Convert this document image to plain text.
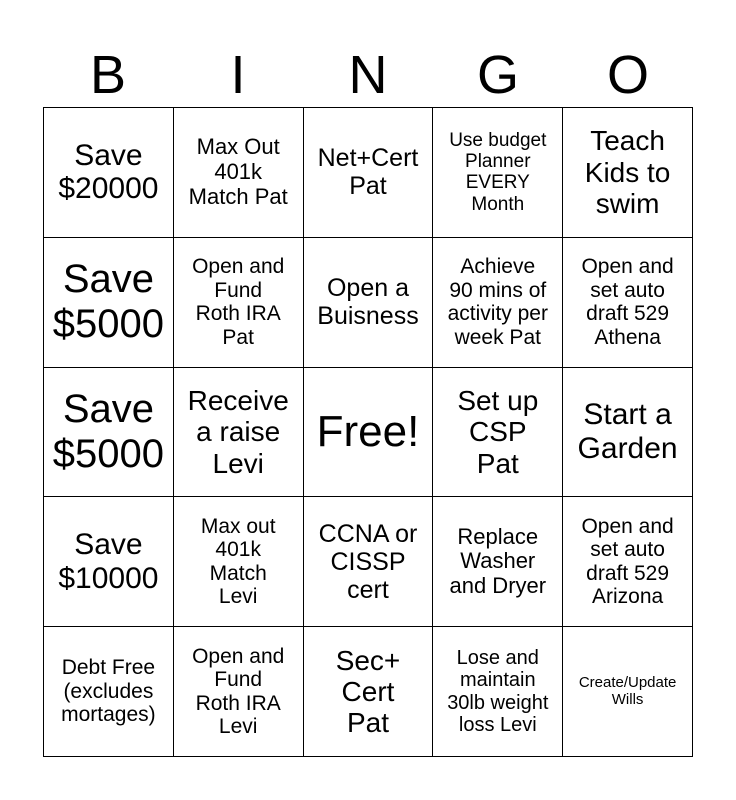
B	I	N	G	O
Save
$20000
Max Out
401k
Match Pat
Net+Cert
Pat
Use budget
Planner
EVERY
Month
Teach
Kids to
swim
Save
$5000
Open and
Fund
Roth IRA
Pat
Open a
Buisness
Achieve
90 mins of
activity per
week Pat
Open and
set auto
draft 529
Athena
Save
$5000
Receive
a raise
Levi
Free!
Set up
CSP
Pat
Start a
Garden
Save
$10000
Max out
401k
Match
Levi
CCNA or
CISSP
cert
Replace
Washer
and Dryer
Open and
set auto
draft 529
Arizona
Debt Free
(excludes
mortages)
Open and
Fund
Roth IRA
Levi
Sec+
Cert
Pat
Lose and
maintain
30lb weight
loss Levi
Create/Update
Wills
